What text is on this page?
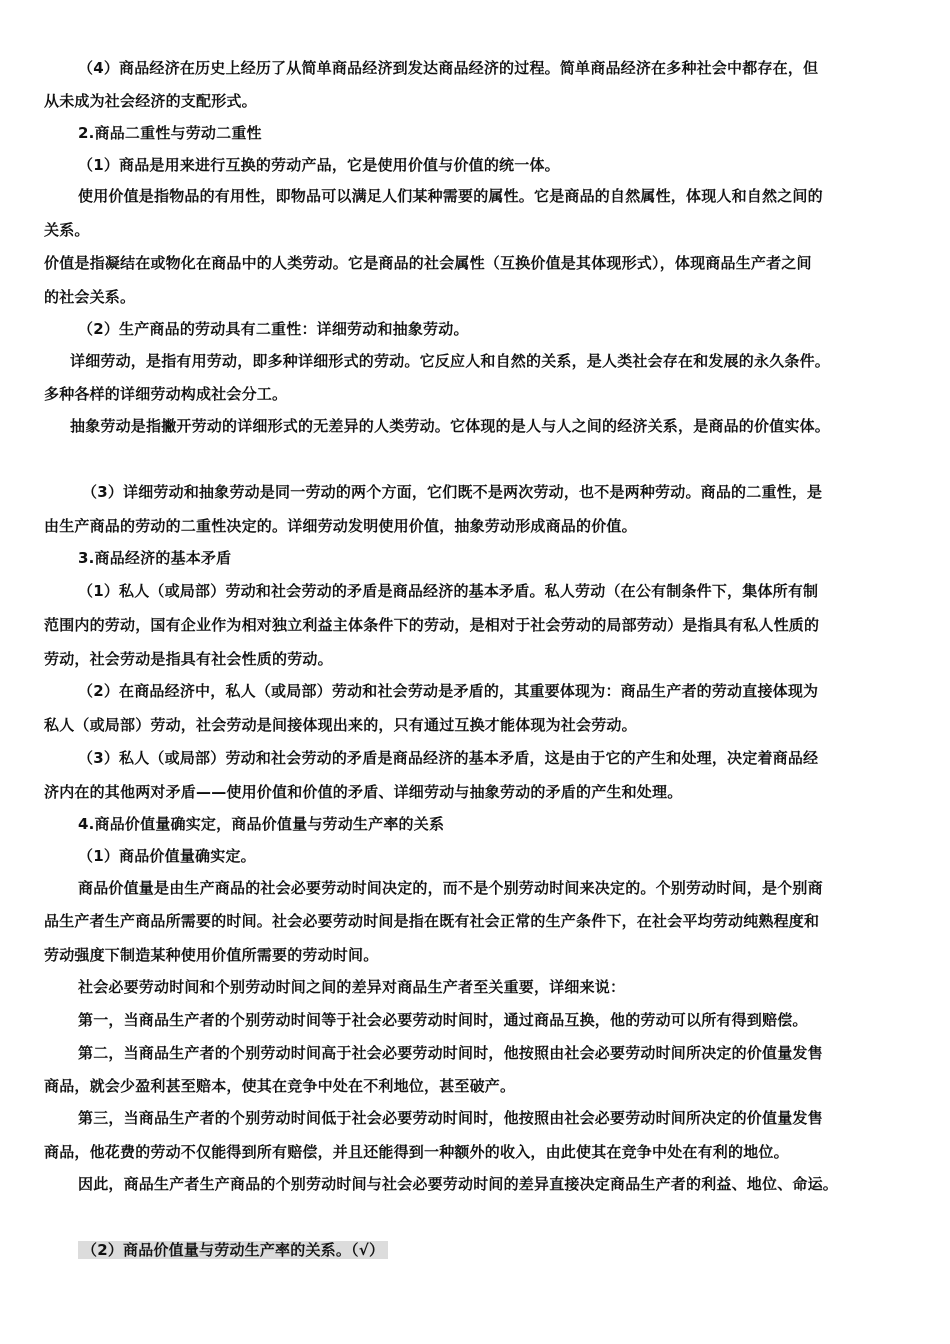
（4）商品经济在历史上经历了从简单商品经济到发达商品经济的过程。简单商品经济在多种社会中都存在，但
从未成为社会经济的支配形式。
2.商品二重性与劳动二重性
（1）商品是用来进行互换的劳动产品，它是使用价值与价值的统一体。
使用价值是指物品的有用性，即物品可以满足人们某种需要的属性。它是商品的自然属性，体现人和自然之间的
关系。
价值是指凝结在或物化在商品中的人类劳动。它是商品的社会属性（互换价值是其体现形式），体现商品生产者之间
的社会关系。
（2）生产商品的劳动具有二重性：详细劳动和抽象劳动。
详细劳动，是指有用劳动，即多种详细形式的劳动。它反应人和自然的关系，是人类社会存在和发展的永久条件。
多种各样的详细劳动构成社会分工。
抽象劳动是指撇开劳动的详细形式的无差异的人类劳动。它体现的是人与人之间的经济关系，是商品的价值实体。
（3）详细劳动和抽象劳动是同一劳动的两个方面，它们既不是两次劳动，也不是两种劳动。商品的二重性，是
由生产商品的劳动的二重性决定的。详细劳动发明使用价值，抽象劳动形成商品的价值。
3.商品经济的基本矛盾
（1）私人（或局部）劳动和社会劳动的矛盾是商品经济的基本矛盾。私人劳动（在公有制条件下，集体所有制
范围内的劳动，国有企业作为相对独立利益主体条件下的劳动，是相对于社会劳动的局部劳动）是指具有私人性质的
劳动，社会劳动是指具有社会性质的劳动。
（2）在商品经济中，私人（或局部）劳动和社会劳动是矛盾的，其重要体现为：商品生产者的劳动直接体现为
私人（或局部）劳动，社会劳动是间接体现出来的，只有通过互换才能体现为社会劳动。
（3）私人（或局部）劳动和社会劳动的矛盾是商品经济的基本矛盾，这是由于它的产生和处理，决定着商品经
济内在的其他两对矛盾——使用价值和价值的矛盾、详细劳动与抽象劳动的矛盾的产生和处理。
4.商品价值量确实定，商品价值量与劳动生产率的关系
（1）商品价值量确实定。
商品价值量是由生产商品的社会必要劳动时间决定的，而不是个别劳动时间来决定的。个别劳动时间，是个别商
品生产者生产商品所需要的时间。社会必要劳动时间是指在既有社会正常的生产条件下，在社会平均劳动纯熟程度和
劳动强度下制造某种使用价值所需要的劳动时间。
社会必要劳动时间和个别劳动时间之间的差异对商品生产者至关重要，详细来说：
第一，当商品生产者的个别劳动时间等于社会必要劳动时间时，通过商品互换，他的劳动可以所有得到赔偿。
第二，当商品生产者的个别劳动时间高于社会必要劳动时间时，他按照由社会必要劳动时间所决定的价值量发售
商品，就会少盈利甚至赔本，使其在竞争中处在不利地位，甚至破产。
第三，当商品生产者的个别劳动时间低于社会必要劳动时间时，他按照由社会必要劳动时间所决定的价值量发售
商品，他花费的劳动不仅能得到所有赔偿，并且还能得到一种额外的收入，由此使其在竞争中处在有利的地位。
因此，商品生产者生产商品的个别劳动时间与社会必要劳动时间的差异直接决定商品生产者的利益、地位、命运。
（2）商品价值量与劳动生产率的关系。（√）
